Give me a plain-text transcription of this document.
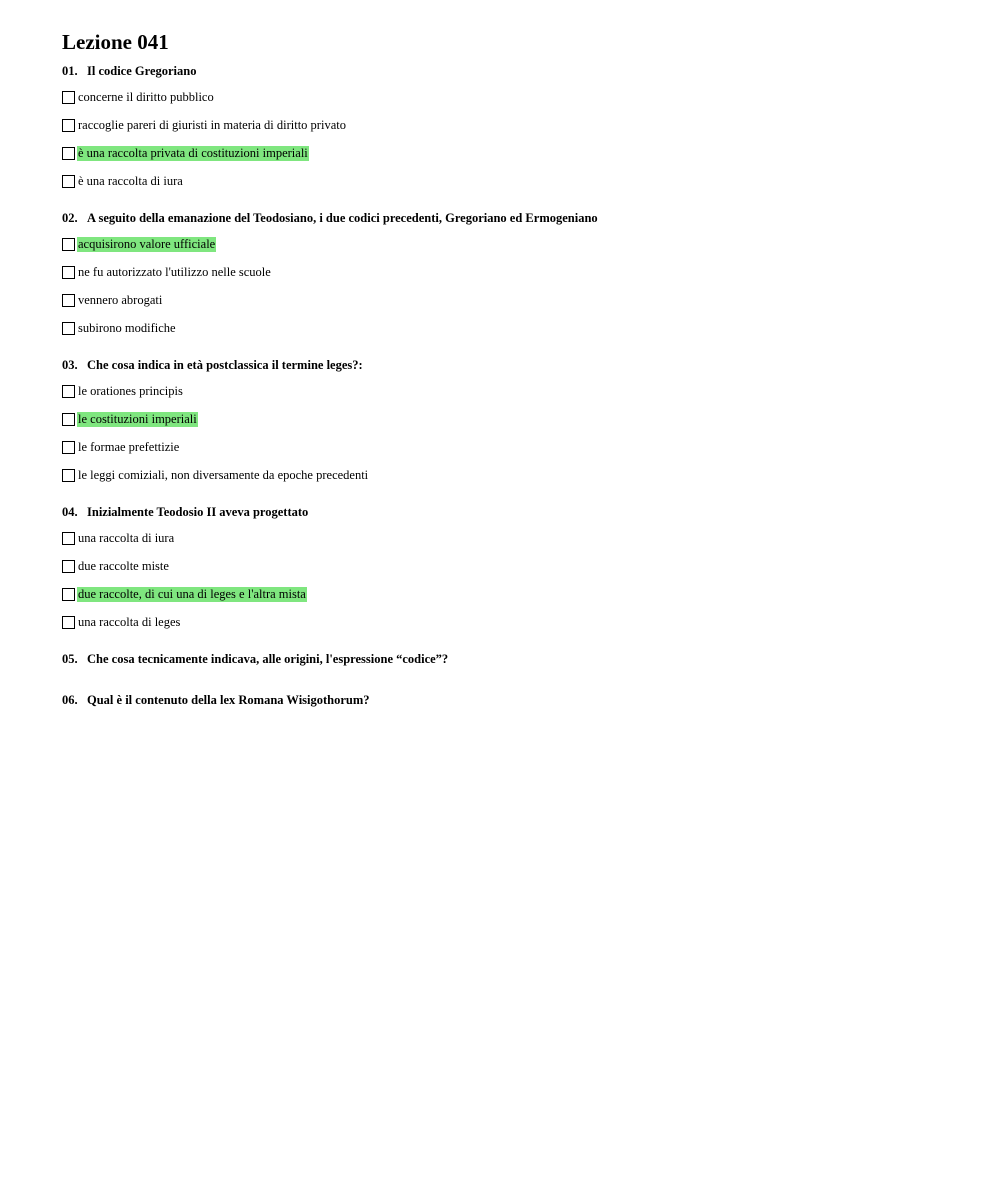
Lezione 041
01. Il codice Gregoriano
concerne il diritto pubblico
raccoglie pareri di giuristi in materia di diritto privato
è una raccolta privata di costituzioni imperiali
è una raccolta di iura
02. A seguito della emanazione del Teodosiano, i due codici precedenti, Gregoriano ed Ermogeniano
acquisirono valore ufficiale
ne fu autorizzato l'utilizzo nelle scuole
vennero abrogati
subirono modifiche
03. Che cosa indica in età postclassica il termine leges?:
le orationes principis
le costituzioni imperiali
le formae prefettizie
le leggi comiziali, non diversamente da epoche precedenti
04. Inizialmente Teodosio II aveva progettato
una raccolta di iura
due raccolte miste
due raccolte, di cui una di leges e l'altra mista
una raccolta di leges
05. Che cosa tecnicamente indicava, alle origini, l'espressione “codice”?
06. Qual è il contenuto della lex Romana Wisigothorum?
